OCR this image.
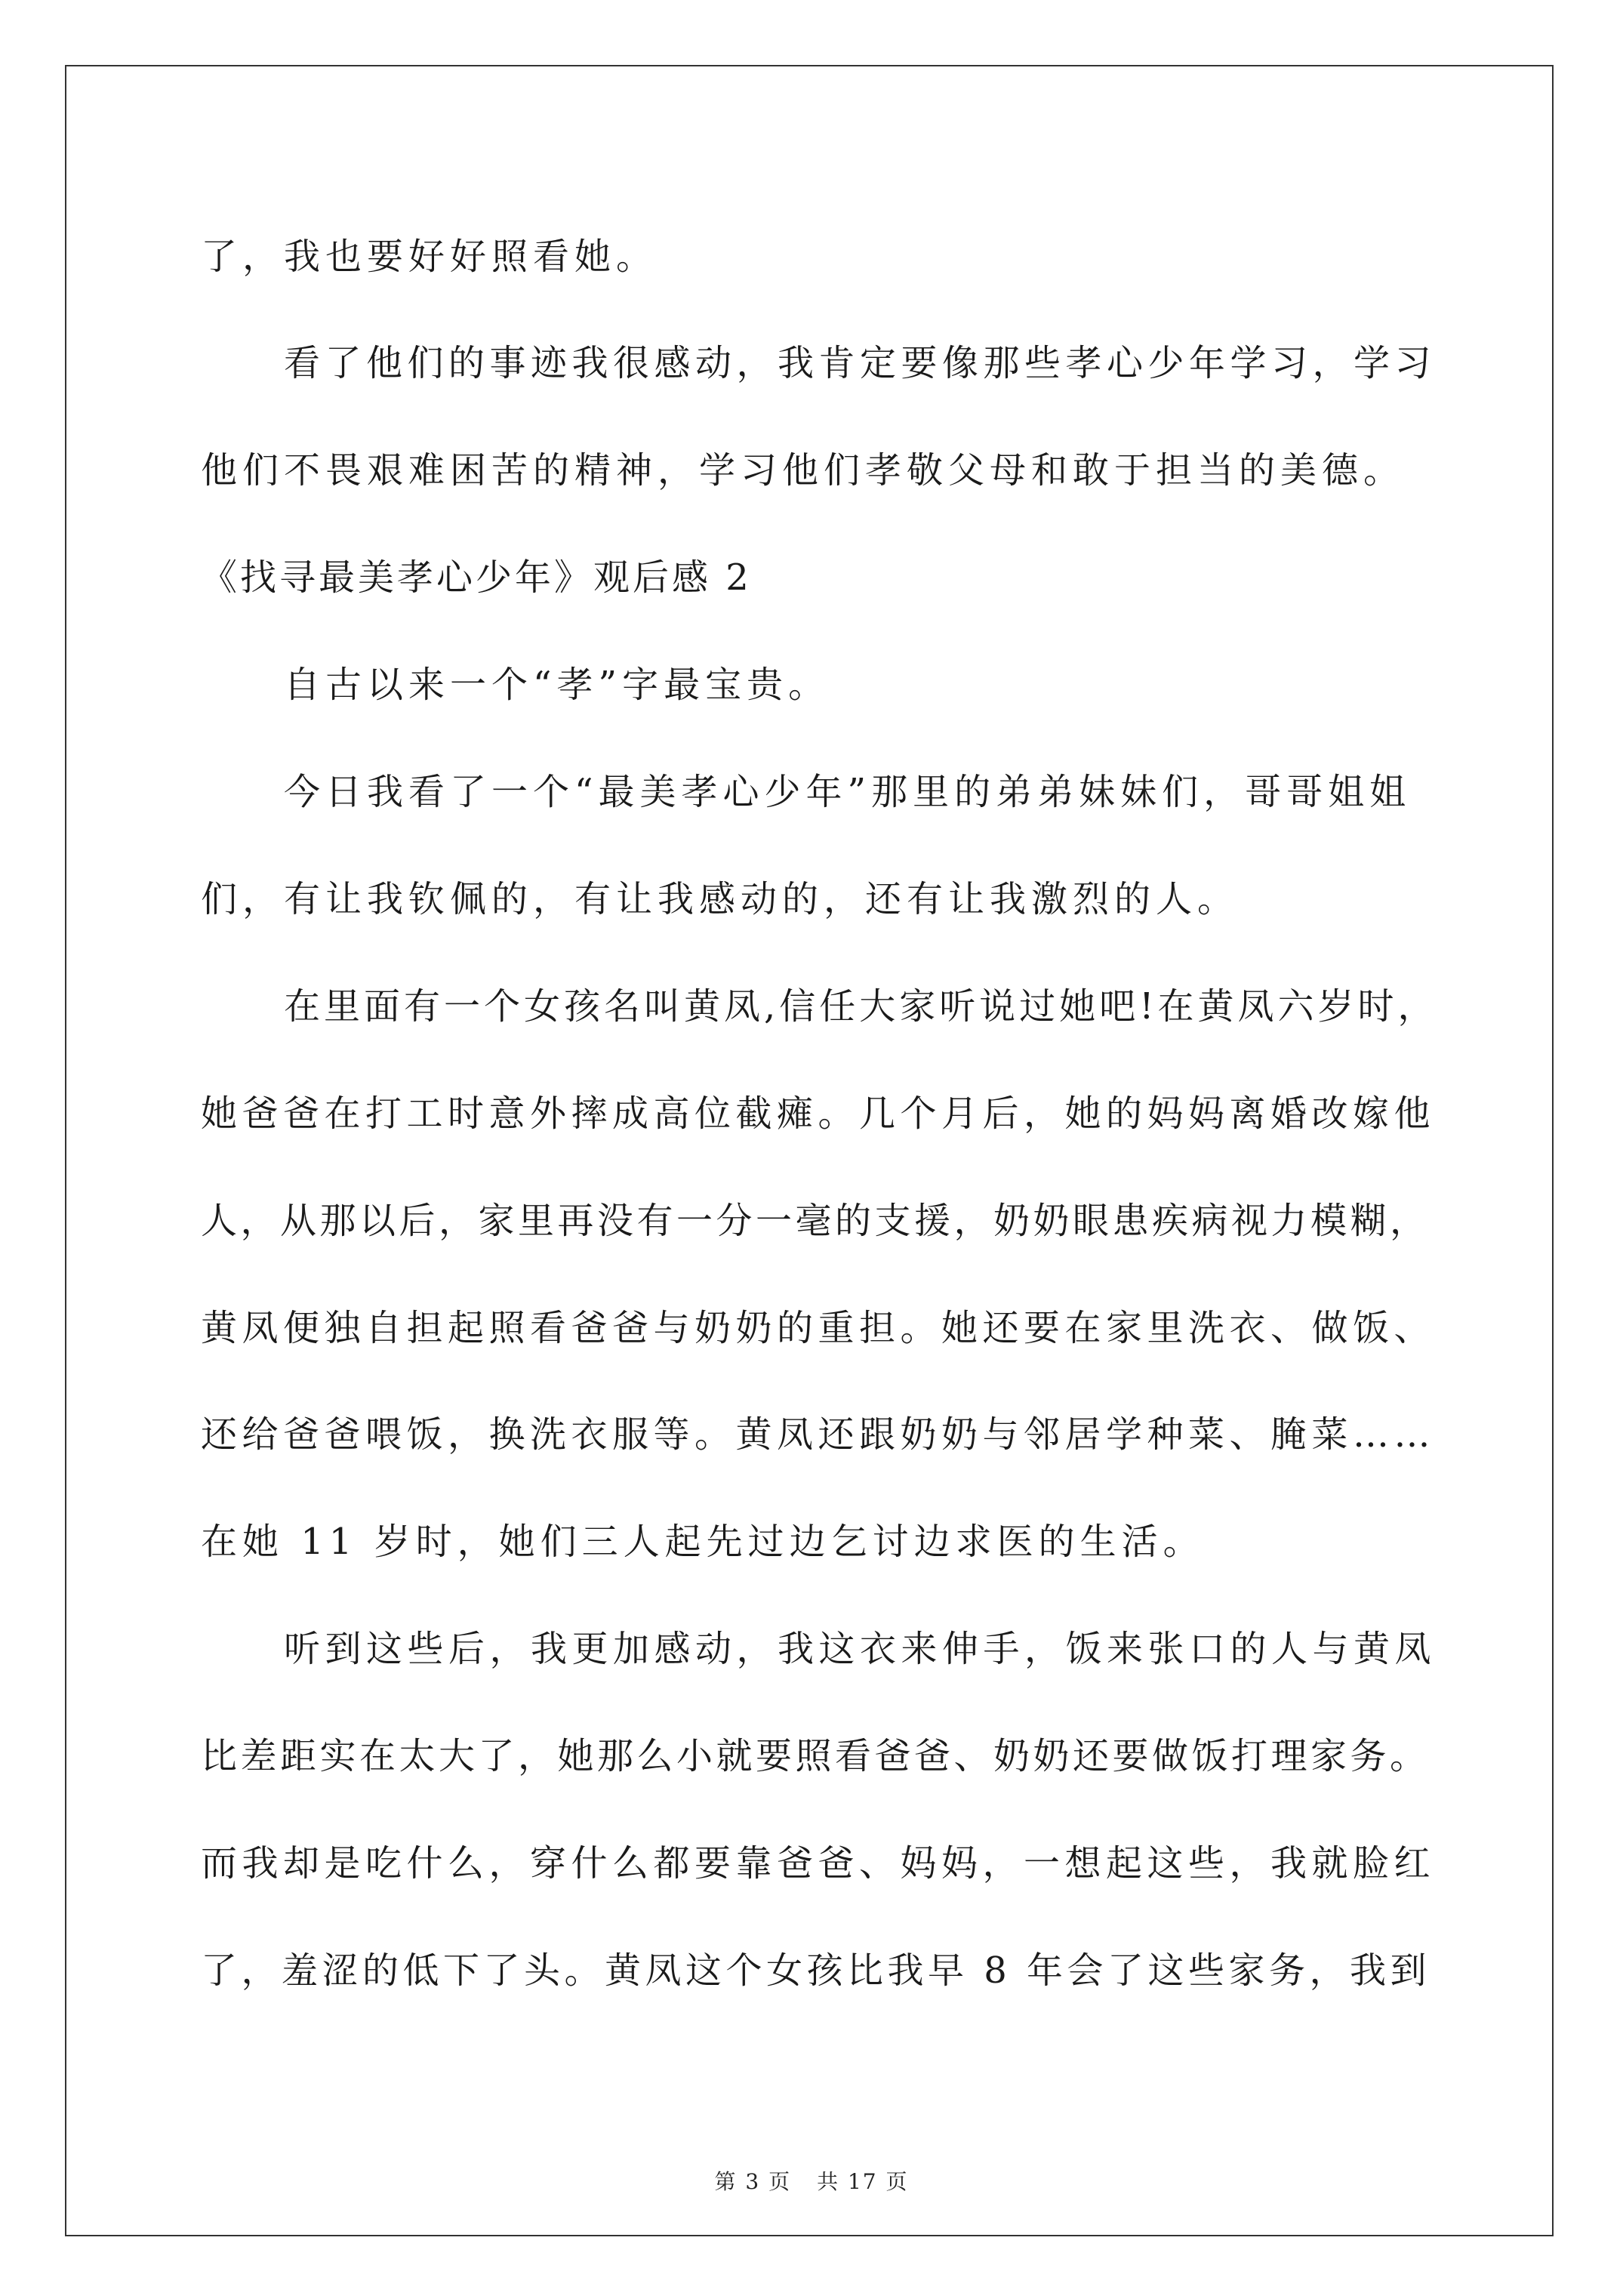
了，我也要好好照看她。
看了他们的事迹我很感动，我肯定要像那些孝心少年学习，学习
他们不畏艰难困苦的精神，学习他们孝敬父母和敢于担当的美德。
《找寻最美孝心少年》观后感 2
自古以来一个“孝”字最宝贵。
今日我看了一个“最美孝心少年”那里的弟弟妹妹们，哥哥姐姐
们，有让我钦佩的，有让我感动的，还有让我激烈的人。
在里面有一个女孩名叫黄凤,信任大家听说过她吧!在黄凤六岁时，
她爸爸在打工时意外摔成高位截瘫。几个月后，她的妈妈离婚改嫁他
人，从那以后，家里再没有一分一毫的支援，奶奶眼患疾病视力模糊，
黄凤便独自担起照看爸爸与奶奶的重担。她还要在家里洗衣、做饭、
还给爸爸喂饭，换洗衣服等。黄凤还跟奶奶与邻居学种菜、腌菜……
在她 11 岁时，她们三人起先过边乞讨边求医的生活。
听到这些后，我更加感动，我这衣来伸手，饭来张口的人与黄凤
比差距实在太大了，她那么小就要照看爸爸、奶奶还要做饭打理家务。
而我却是吃什么，穿什么都要靠爸爸、妈妈，一想起这些，我就脸红
了，羞涩的低下了头。黄凤这个女孩比我早 8 年会了这些家务，我到
第 3 页 共 17 页
